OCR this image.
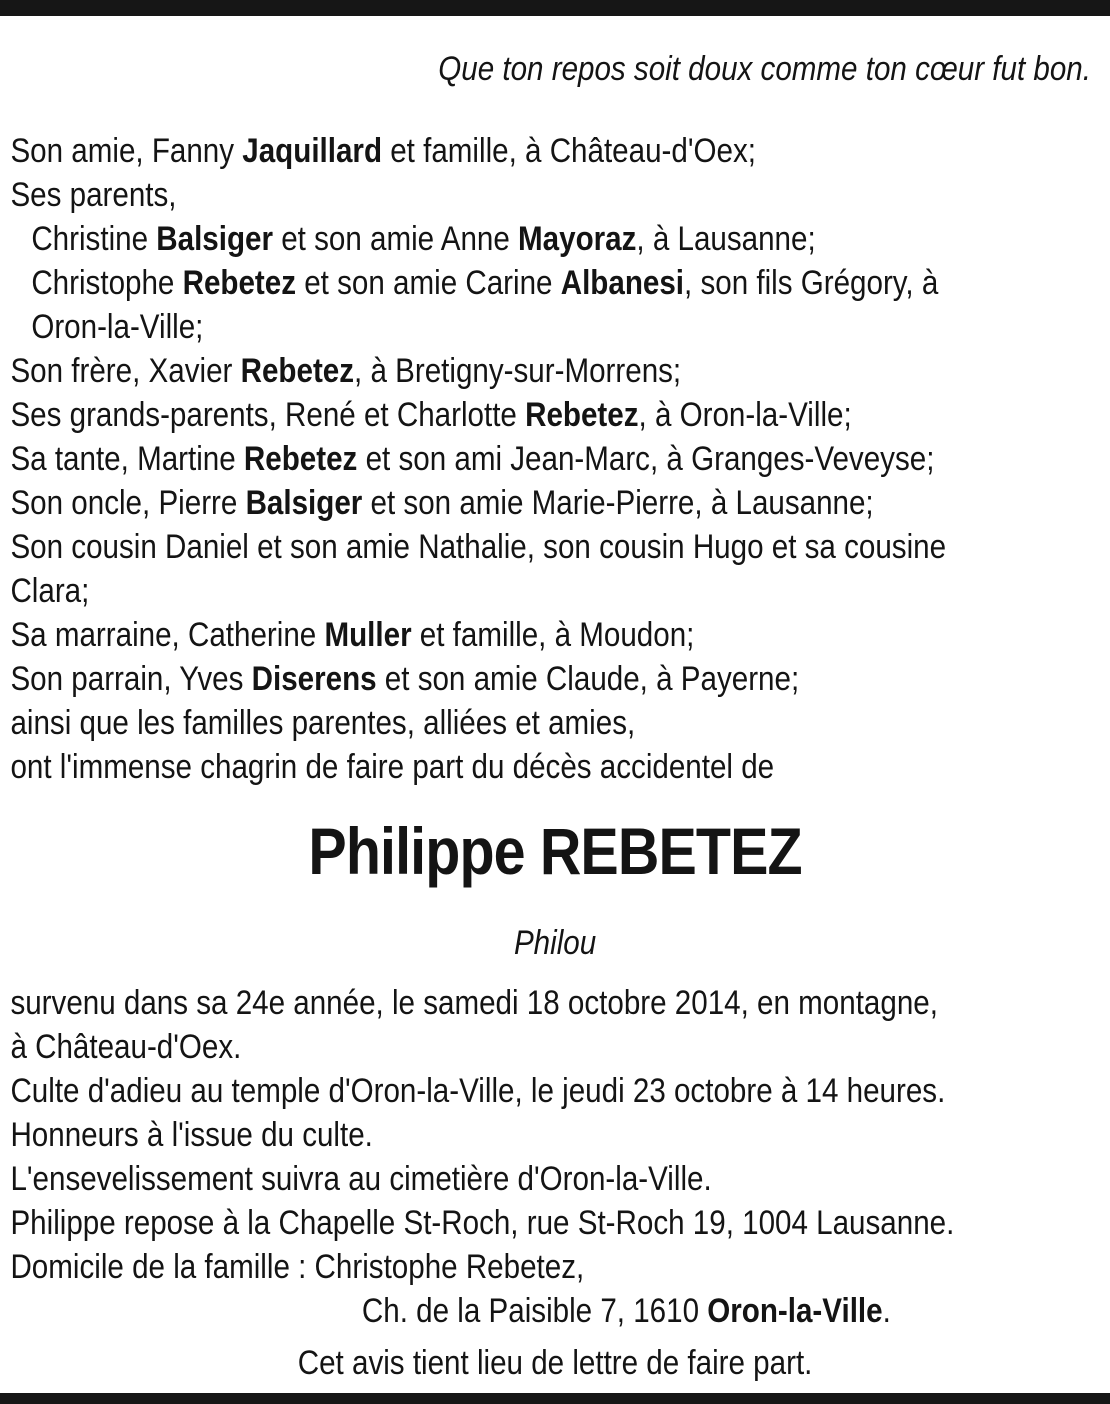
Que ton repos soit doux comme ton cœur fut bon.
Son amie, Fanny Jaquillard et famille, à Château-d'Oex;
Ses parents,
Christine Balsiger et son amie Anne Mayoraz, à Lausanne;
Christophe Rebetez et son amie Carine Albanesi, son fils Grégory, à
Oron-la-Ville;
Son frère, Xavier Rebetez, à Bretigny-sur-Morrens;
Ses grands-parents, René et Charlotte Rebetez, à Oron-la-Ville;
Sa tante, Martine Rebetez et son ami Jean-Marc, à Granges-Veveyse;
Son oncle, Pierre Balsiger et son amie Marie-Pierre, à Lausanne;
Son cousin Daniel et son amie Nathalie, son cousin Hugo et sa cousine
Clara;
Sa marraine, Catherine Muller et famille, à Moudon;
Son parrain, Yves Diserens et son amie Claude, à Payerne;
ainsi que les familles parentes, alliées et amies,
ont l'immense chagrin de faire part du décès accidentel de
Philippe REBETEZ
Philou
survenu dans sa 24e année, le samedi 18 octobre 2014, en montagne,
à Château-d'Oex.
Culte d'adieu au temple d'Oron-la-Ville, le jeudi 23 octobre à 14 heures.
Honneurs à l'issue du culte.
L'ensevelissement suivra au cimetière d'Oron-la-Ville.
Philippe repose à la Chapelle St-Roch, rue St-Roch 19, 1004 Lausanne.
Domicile de la famille : Christophe Rebetez,
Ch. de la Paisible 7, 1610 Oron-la-Ville.
Cet avis tient lieu de lettre de faire part.
